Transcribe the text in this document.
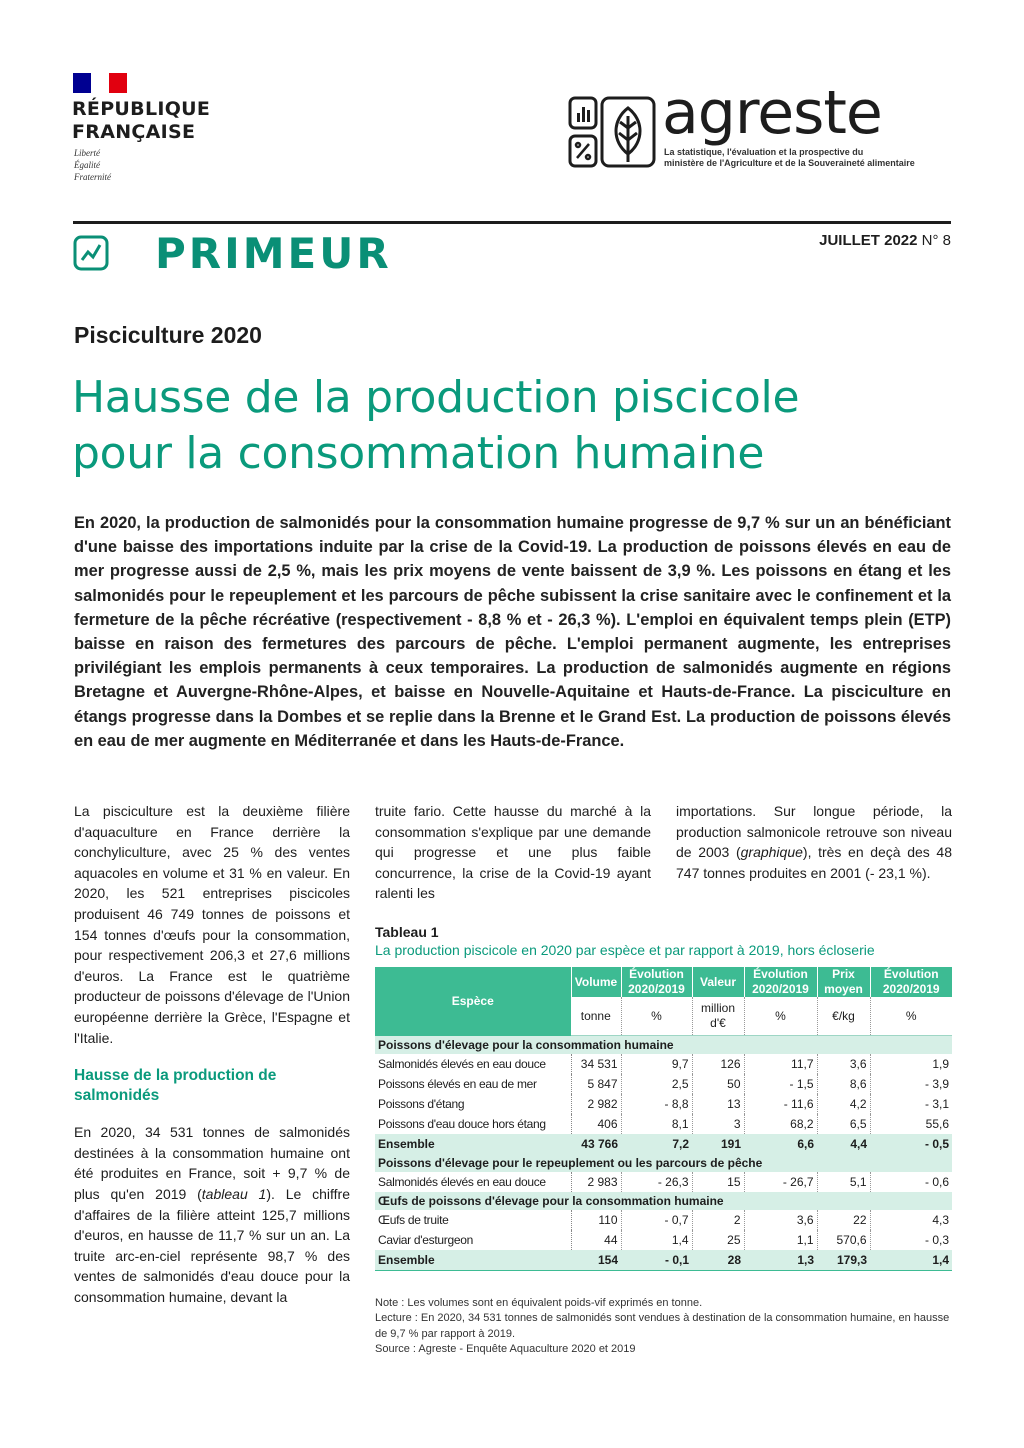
RÉPUBLIQUE
FRANÇAISE
Liberté
Égalité
Fraternité
agreste
La statistique, l'évaluation et la prospective du
ministère de l'Agriculture et de la Souveraineté alimentaire
PRIMEUR	JUILLET 2022 N° 8
Pisciculture 2020
Hausse de la production piscicole
pour la consommation humaine
En 2020, la production de salmonidés pour la consommation humaine progresse de 9,7 % sur un an bénéficiant d'une baisse des importations induite par la crise de la Covid-19. La production de poissons élevés en eau de mer progresse aussi de 2,5 %, mais les prix moyens de vente baissent de 3,9 %. Les poissons en étang et les salmonidés pour le repeuplement et les parcours de pêche subissent la crise sanitaire avec le confinement et la fermeture de la pêche récréative (respectivement - 8,8 % et - 26,3 %). L'emploi en équivalent temps plein (ETP) baisse en raison des fermetures des parcours de pêche. L'emploi permanent augmente, les entreprises privilégiant les emplois permanents à ceux temporaires. La production de salmonidés augmente en régions Bretagne et Auvergne-Rhône-Alpes, et baisse en Nouvelle-Aquitaine et Hauts-de-France. La pisciculture en étangs progresse dans la Dombes et se replie dans la Brenne et le Grand Est. La production de poissons élevés en eau de mer augmente en Méditerranée et dans les Hauts-de-France.

La pisciculture est la deuxième filière d'aquaculture en France derrière la conchyliculture, avec 25 % des ventes aquacoles en volume et 31 % en valeur. En 2020, les 521 entreprises piscicoles produisent 46 749 tonnes de poissons et 154 tonnes d'œufs pour la consommation, pour respectivement 206,3 et 27,6 millions d'euros. La France est le quatrième producteur de poissons d'élevage de l'Union européenne derrière la Grèce, l'Espagne et l'Italie.

Hausse de la production de salmonidés

En 2020, 34 531 tonnes de salmonidés destinées à la consommation humaine ont été produites en France, soit + 9,7 % de plus qu'en 2019 (tableau 1). Le chiffre d'affaires de la filière atteint 125,7 millions d'euros, en hausse de 11,7 % sur un an. La truite arc-en-ciel représente 98,7 % des ventes de salmonidés d'eau douce pour la consommation humaine, devant la

truite fario. Cette hausse du marché à la consommation s'explique par une demande qui progresse et une plus faible concurrence, la crise de la Covid-19 ayant ralenti les

importations. Sur longue période, la production salmonicole retrouve son niveau de 2003 (graphique), très en deçà des 48 747 tonnes produites en 2001 (- 23,1 %).

Tableau 1
La production piscicole en 2020 par espèce et par rapport à 2019, hors écloserie
Espèce	Volume	Évolution 2020/2019	Valeur	Évolution 2020/2019	Prix moyen	Évolution 2020/2019
	tonne	%	million d'€	%	€/kg	%
Poissons d'élevage pour la consommation humaine						
Salmonidés élevés en eau douce	34 531	9,7	126	11,7	3,6	1,9
Poissons élevés en eau de mer	5 847	2,5	50	- 1,5	8,6	- 3,9
Poissons d'étang	2 982	- 8,8	13	- 11,6	4,2	- 3,1
Poissons d'eau douce hors étang	406	8,1	3	68,2	6,5	55,6
Ensemble	43 766	7,2	191	6,6	4,4	- 0,5
Poissons d'élevage pour le repeuplement ou les parcours de pêche						
Salmonidés élevés en eau douce	2 983	- 26,3	15	- 26,7	5,1	- 0,6
Œufs de poissons d'élevage pour la consommation humaine						
Œufs de truite	110	- 0,7	2	3,6	22	4,3
Caviar d'esturgeon	44	1,4	25	1,1	570,6	- 0,3
Ensemble	154	- 0,1	28	1,3	179,3	1,4
Note : Les volumes sont en équivalent poids-vif exprimés en tonne.
Lecture : En 2020, 34 531 tonnes de salmonidés sont vendues à destination de la consommation humaine, en hausse de 9,7 % par rapport à 2019.
Source : Agreste - Enquête Aquaculture 2020 et 2019
